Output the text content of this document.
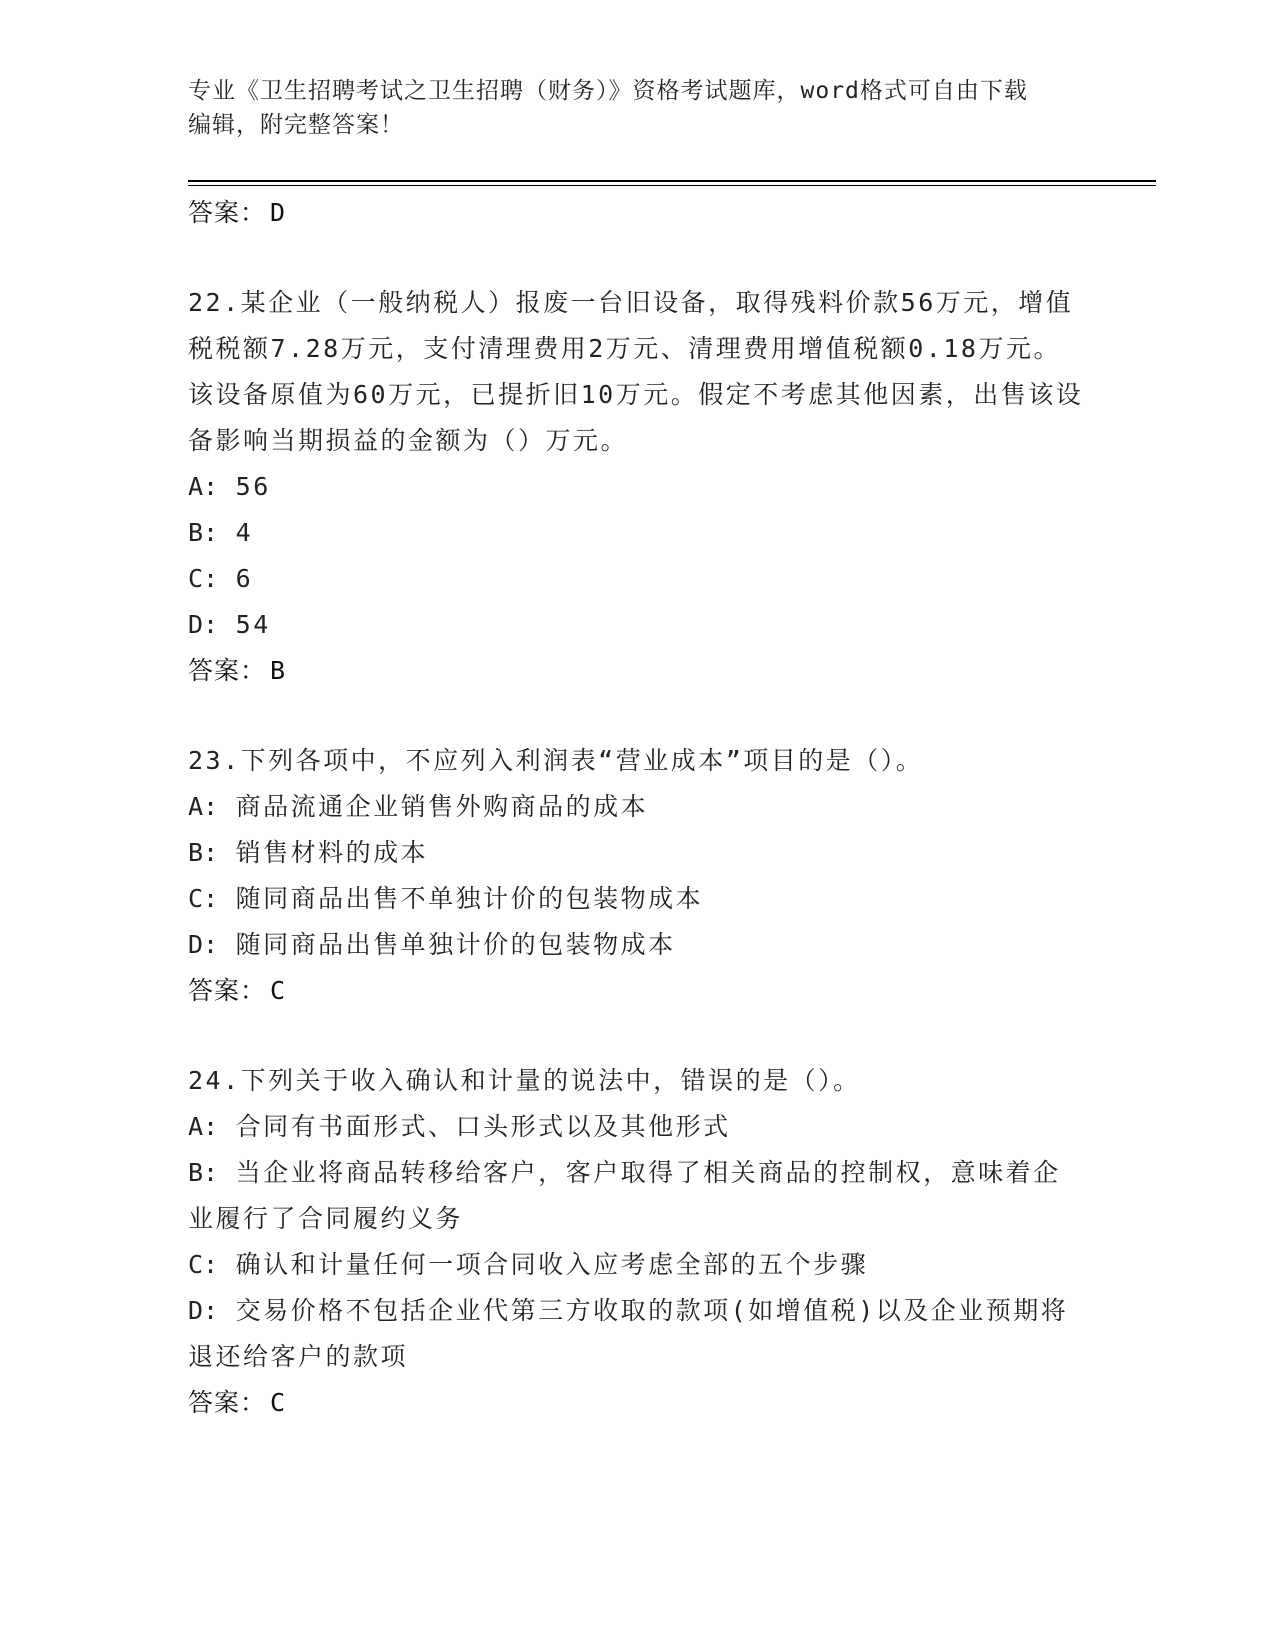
专业《卫生招聘考试之卫生招聘（财务）》资格考试题库，word格式可自由下载
编辑，附完整答案！
答案： D
22.某企业（一般纳税人）报废一台旧设备，取得残料价款56万元，增值税税额7.28万元，支付清理费用2万元、清理费用增值税额0.18万元。该设备原值为60万元，已提折旧10万元。假定不考虑其他因素，出售该设备影响当期损益的金额为（）万元。
A: 56
B: 4
C: 6
D: 54
答案： B
23.下列各项中，不应列入利润表“营业成本”项目的是（）。
A: 商品流通企业销售外购商品的成本
B: 销售材料的成本
C: 随同商品出售不单独计价的包装物成本
D: 随同商品出售单独计价的包装物成本
答案： C
24.下列关于收入确认和计量的说法中，错误的是（）。
A: 合同有书面形式、口头形式以及其他形式
B: 当企业将商品转移给客户，客户取得了相关商品的控制权，意味着企业履行了合同履约义务
C: 确认和计量任何一项合同收入应考虑全部的五个步骤
D: 交易价格不包括企业代第三方收取的款项(如增值税)以及企业预期将退还给客户的款项
答案： C
